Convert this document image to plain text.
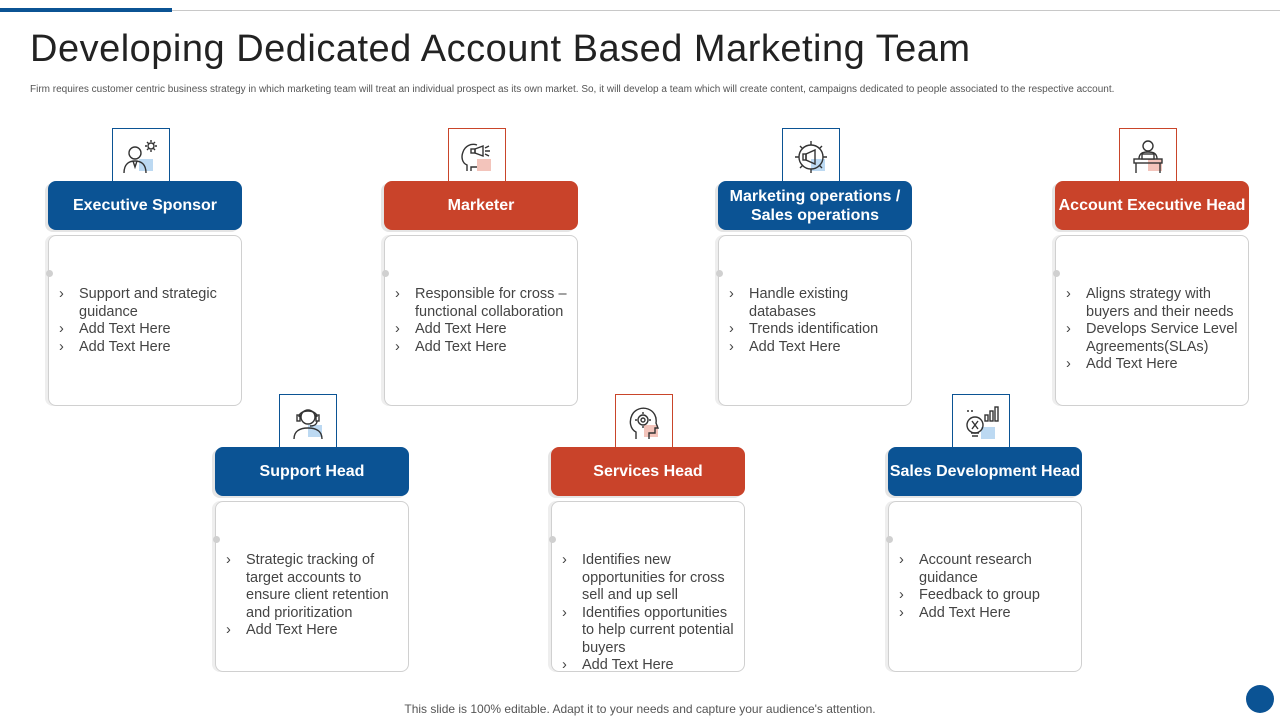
Developing Dedicated Account Based Marketing Team
Firm requires customer centric business strategy in which marketing team will treat an individual prospect as its own market. So, it will develop a team which will create content, campaigns dedicated to people associated to the respective account.
Executive Sponsor
› Support and strategic guidance
› Add Text Here
› Add Text Here
Marketer
› Responsible for cross – functional collaboration
› Add Text Here
› Add Text Here
Marketing operations / Sales operations
› Handle existing databases
› Trends identification
› Add Text Here
Account Executive Head
› Aligns strategy with buyers and their needs
› Develops Service Level Agreements(SLAs)
› Add Text Here
Support Head
› Strategic tracking of target accounts to ensure client retention and prioritization
› Add Text Here
Services Head
› Identifies new opportunities for cross sell and up sell
› Identifies opportunities to help current potential buyers
› Add Text Here
Sales Development Head
› Account research guidance
› Feedback to group
› Add Text Here
This slide is 100% editable. Adapt it to your needs and capture your audience's attention.
